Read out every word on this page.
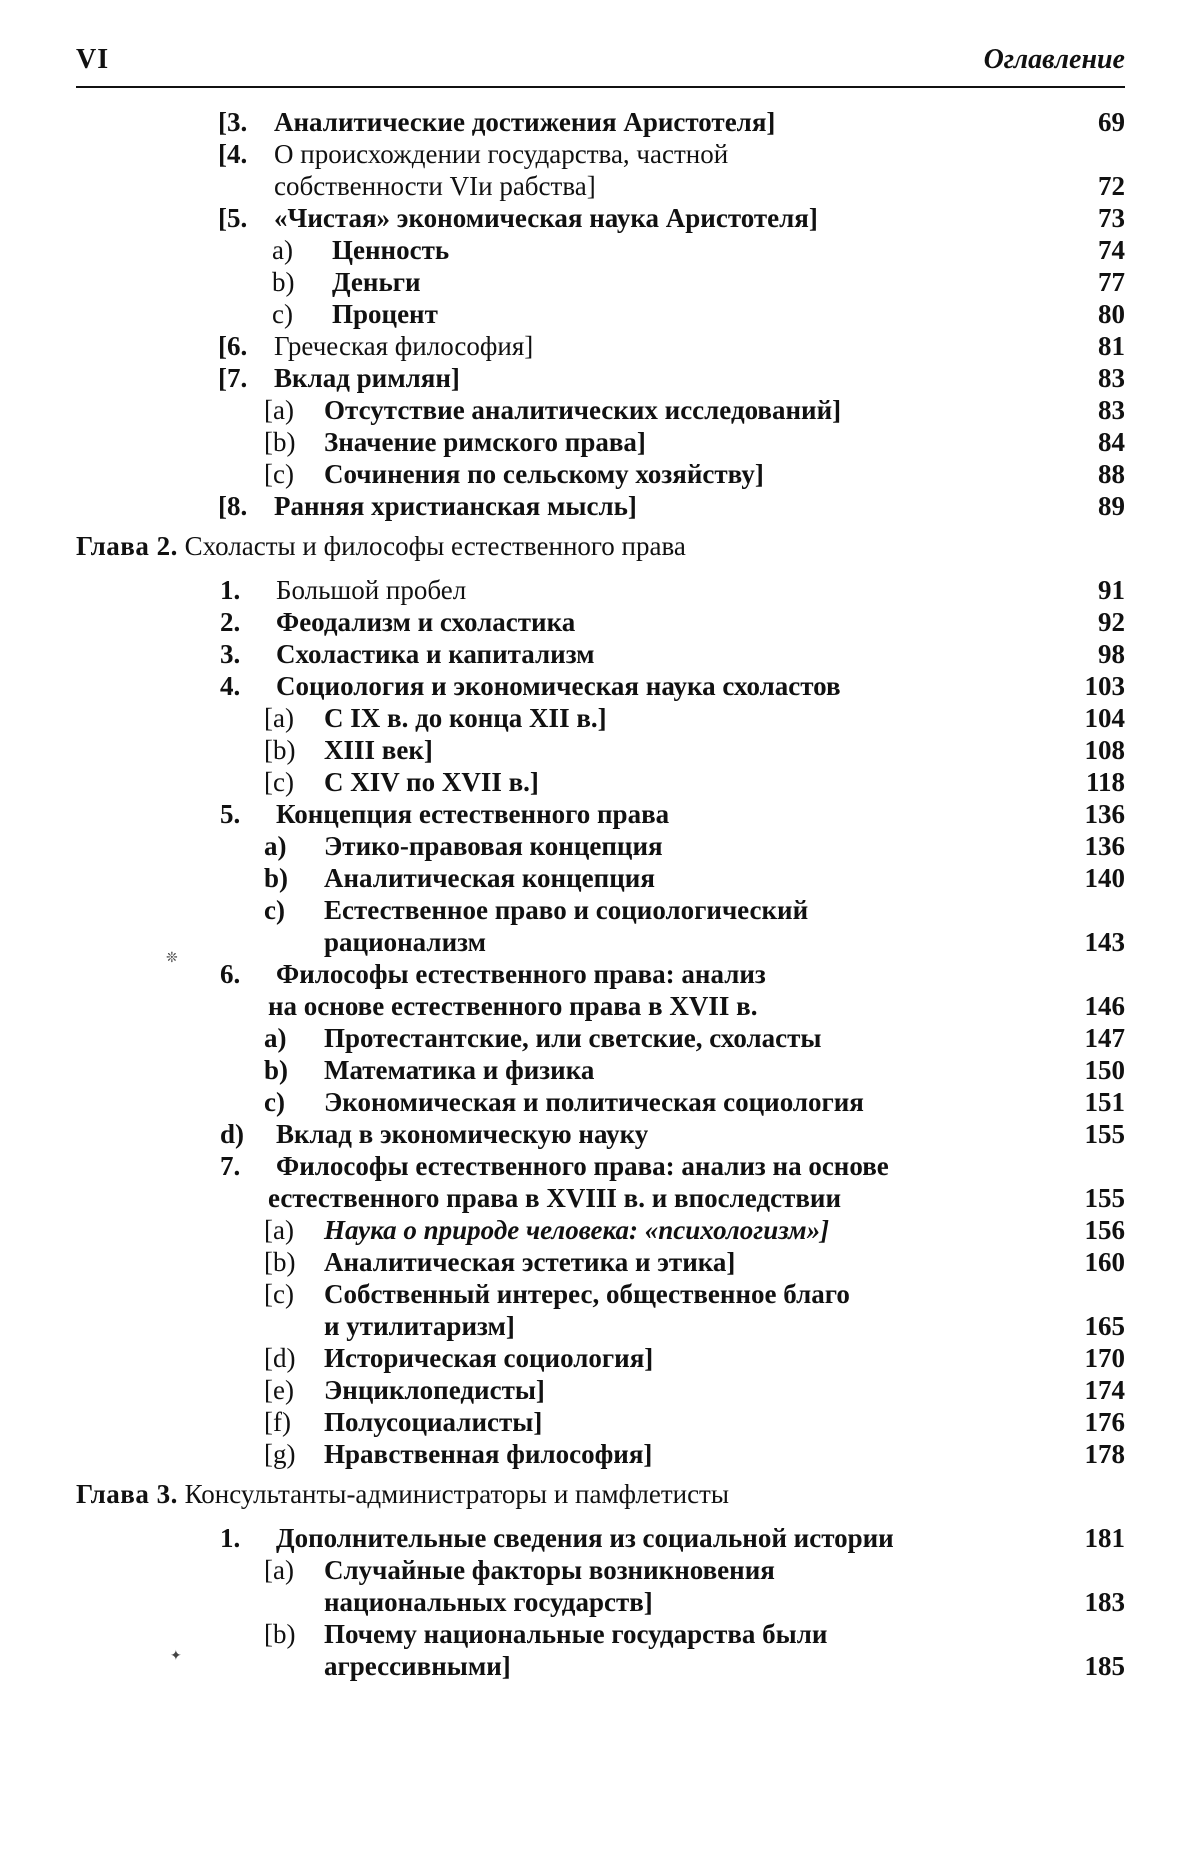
VI	Оглавление
[3. Аналитические достижения Аристотеля]	69
[4. О происхождении государства, частной
собственности VIи рабства]	72
[5. «Чистая» экономическая наука Аристотеля]	73
a) Ценность	74
b) Деньги	77
c) Процент	80
[6. Греческая философия]	81
[7. Вклад римлян]	83
[a) Отсутствие аналитических исследований]	83
[b) Значение римского права]	84
[c) Сочинения по сельскому хозяйству]	88
[8. Ранняя христианская мысль]	89
Глава 2. Схоласты и философы естественного права
1. Большой пробел	91
2. Феодализм и схоластика	92
3. Схоластика и капитализм	98
4. Социология и экономическая наука схоластов	103
[a) С IX в. до конца XII в.]	104
[b) XIII век]	108
[c) С XIV по XVII в.]	118
5. Концепция естественного права	136
a) Этико-правовая концепция	136
b) Аналитическая концепция	140
c) Естественное право и социологический
рационализм	143
6. Философы естественного права: анализ
на основе естественного права в XVII в.	146
a) Протестантские, или светские, схоласты	147
b) Математика и физика	150
c) Экономическая и политическая социология	151
d) Вклад в экономическую науку	155
7. Философы естественного права: анализ на основе
естественного права в XVIII в. и впоследствии	155
[a) Наука о природе человека: «психологизм»]	156
[b) Аналитическая эстетика и этика]	160
[c) Собственный интерес, общественное благо
и утилитаризм]	165
[d) Историческая социология]	170
[e) Энциклопедисты]	174
[f) Полусоциалисты]	176
[g) Нравственная философия]	178
Глава 3. Консультанты-администраторы и памфлетисты
1. Дополнительные сведения из социальной истории	181
[a) Случайные факторы возникновения
национальных государств]	183
[b) Почему национальные государства были
агрессивными]	185
❊
✦
